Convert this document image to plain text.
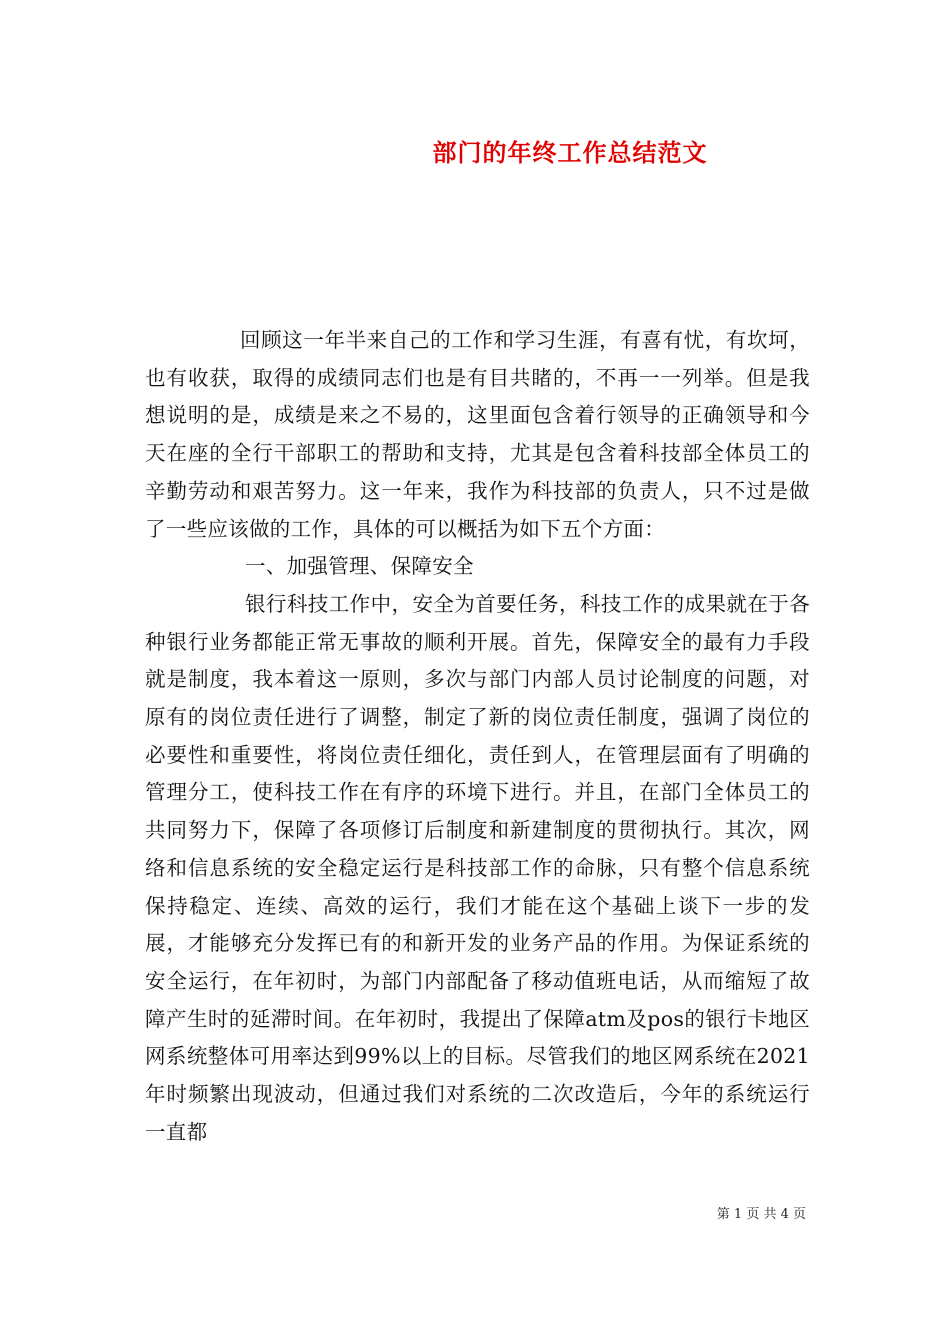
部门的年终工作总结范文

回顾这一年半来自己的工作和学习生涯，有喜有忧，有坎坷，也有收获，取得的成绩同志们也是有目共睹的，不再一一列举。但是我想说明的是，成绩是来之不易的，这里面包含着行领导的正确领导和今天在座的全行干部职工的帮助和支持，尤其是包含着科技部全体员工的辛勤劳动和艰苦努力。这一年来，我作为科技部的负责人，只不过是做了一些应该做的工作，具体的可以概括为如下五个方面：

一、加强管理、保障安全

银行科技工作中，安全为首要任务，科技工作的成果就在于各种银行业务都能正常无事故的顺利开展。首先，保障安全的最有力手段就是制度，我本着这一原则，多次与部门内部人员讨论制度的问题，对原有的岗位责任进行了调整，制定了新的岗位责任制度，强调了岗位的必要性和重要性，将岗位责任细化，责任到人，在管理层面有了明确的管理分工，使科技工作在有序的环境下进行。并且，在部门全体员工的共同努力下，保障了各项修订后制度和新建制度的贯彻执行。其次，网络和信息系统的安全稳定运行是科技部工作的命脉，只有整个信息系统保持稳定、连续、高效的运行，我们才能在这个基础上谈下一步的发展，才能够充分发挥已有的和新开发的业务产品的作用。为保证系统的安全运行，在年初时，为部门内部配备了移动值班电话，从而缩短了故障产生时的延滞时间。在年初时，我提出了保障atm及pos的银行卡地区网系统整体可用率达到99%以上的目标。尽管我们的地区网系统在2021年时频繁出现波动，但通过我们对系统的二次改造后，今年的系统运行一直都

第 1 页 共 4 页
